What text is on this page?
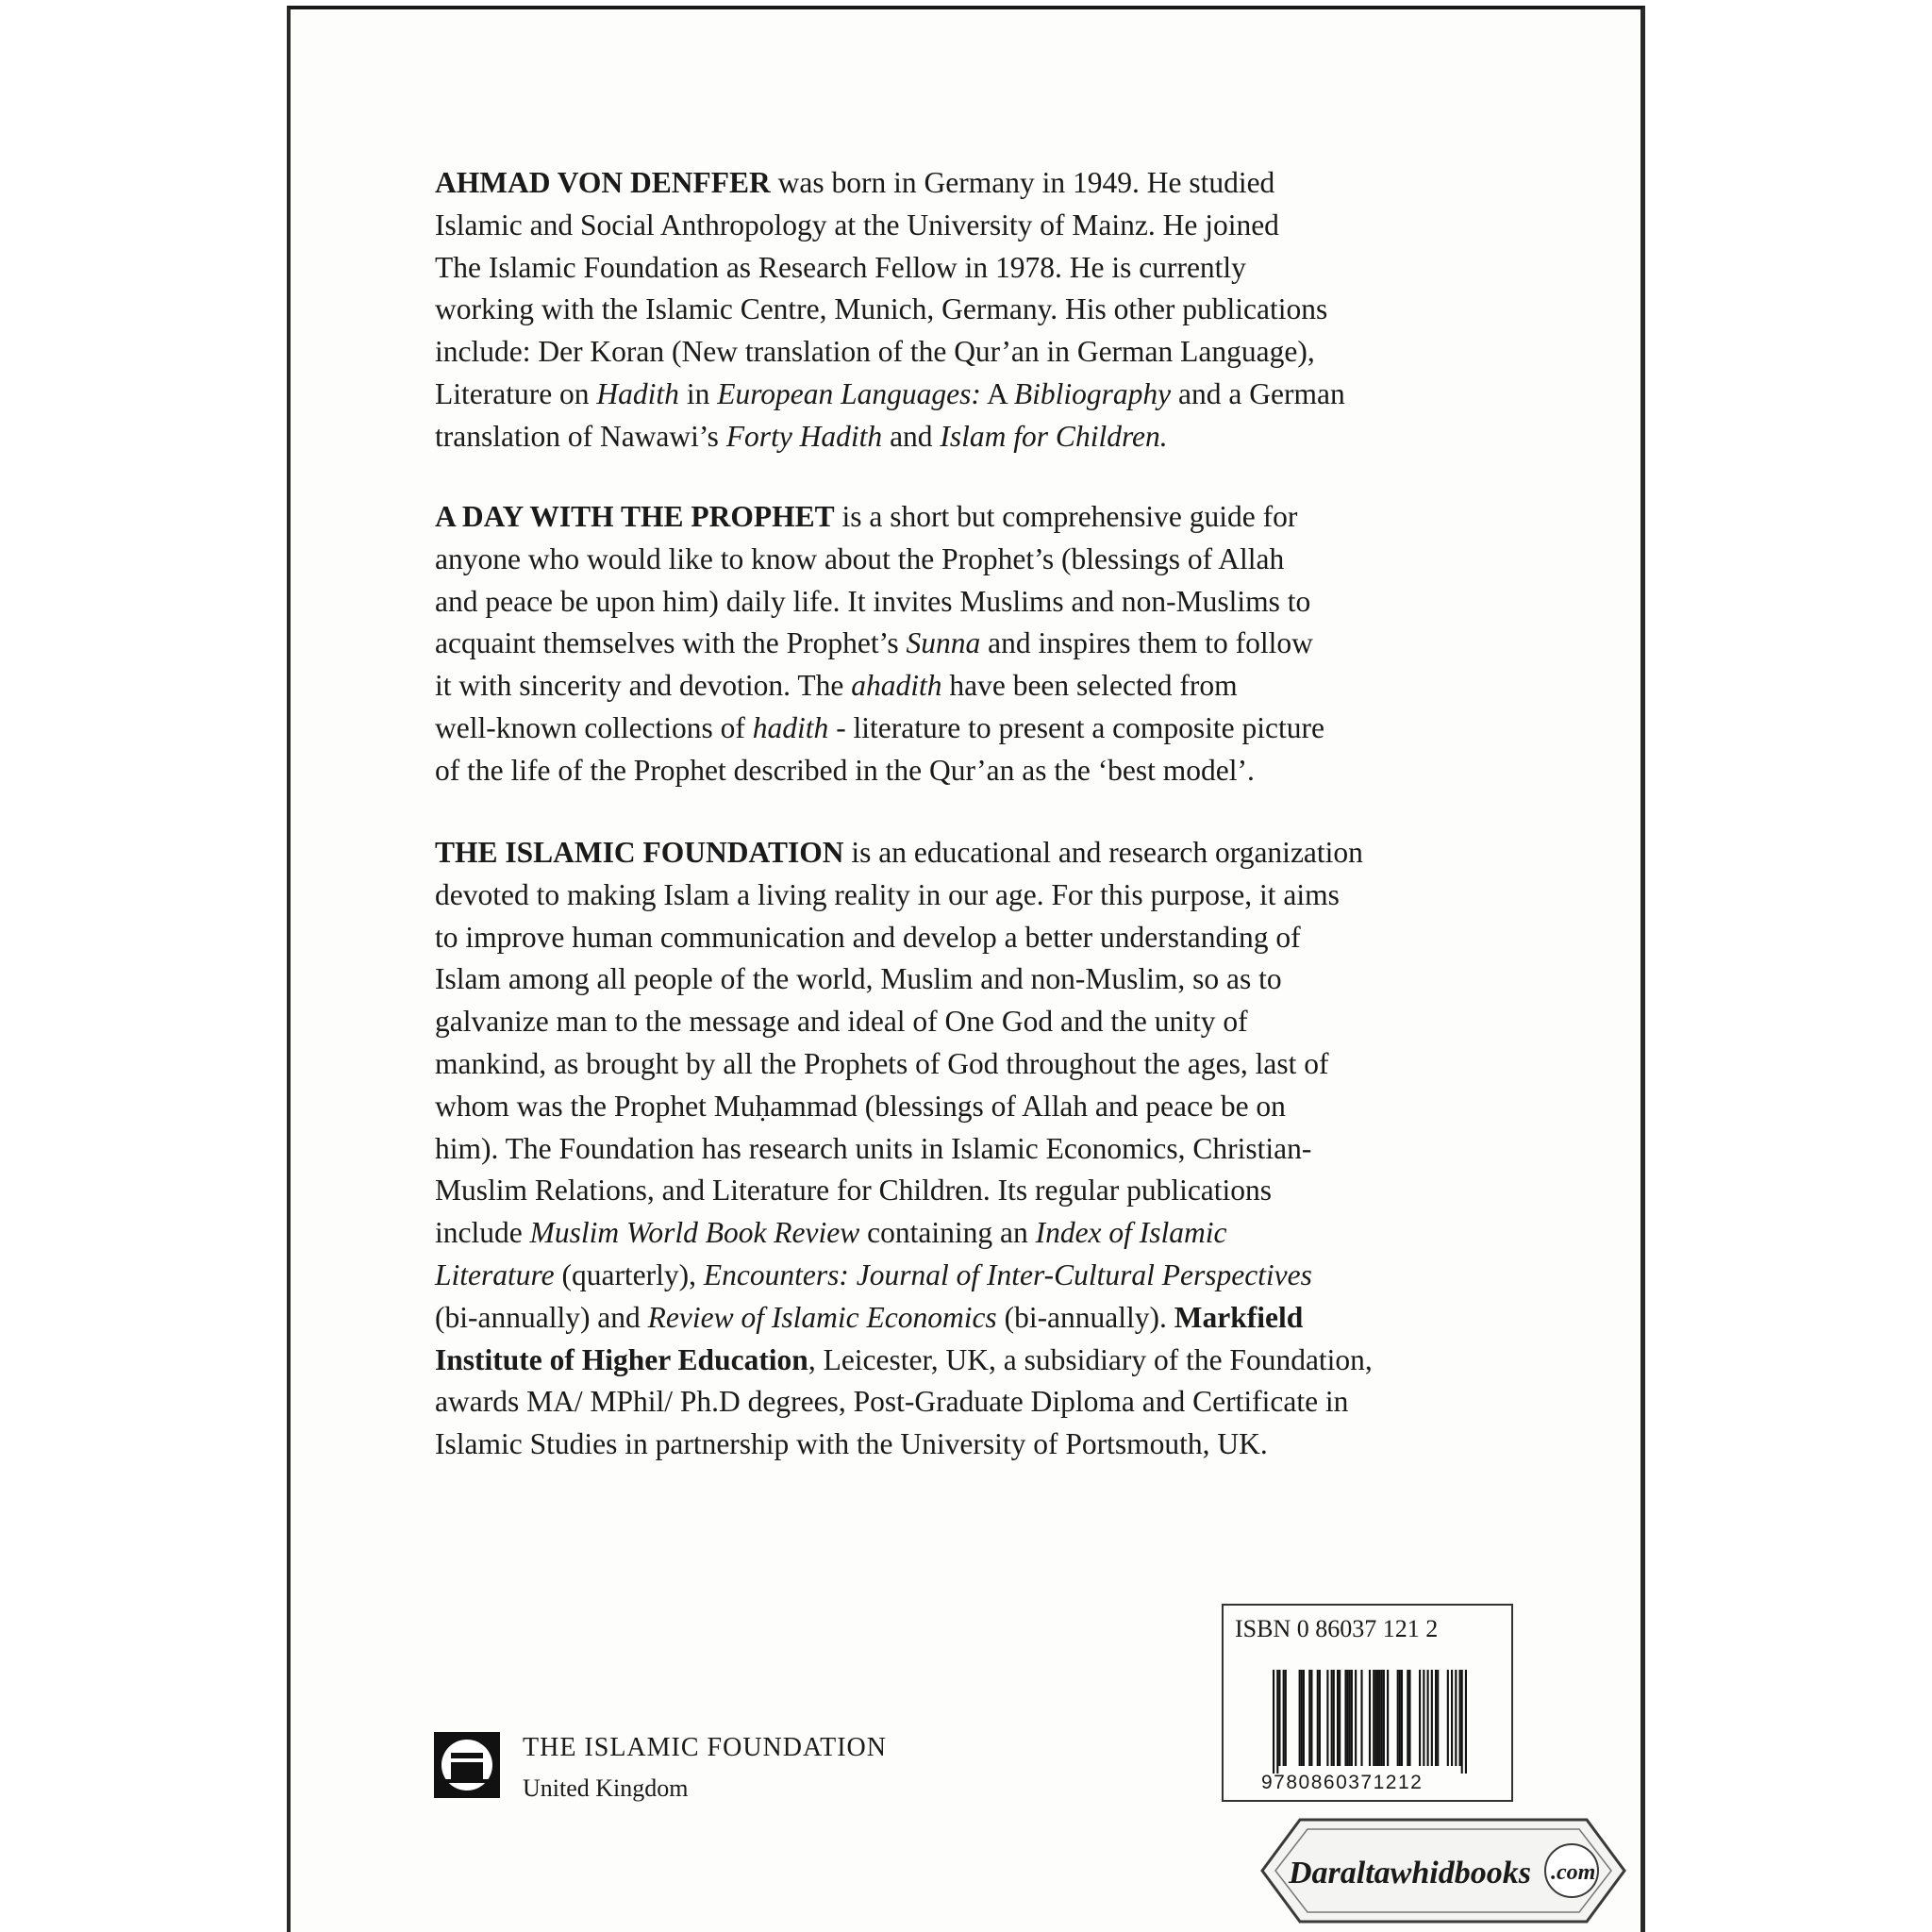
AHMAD VON DENFFER was born in Germany in 1949. He studied
Islamic and Social Anthropology at the University of Mainz. He joined
The Islamic Foundation as Research Fellow in 1978. He is currently
working with the Islamic Centre, Munich, Germany. His other publications
include: Der Koran (New translation of the Qur’an in German Language),
Literature on Hadith in European Languages: A Bibliography and a German
translation of Nawawi’s Forty Hadith and Islam for Children.

A DAY WITH THE PROPHET is a short but comprehensive guide for
anyone who would like to know about the Prophet’s (blessings of Allah
and peace be upon him) daily life. It invites Muslims and non-Muslims to
acquaint themselves with the Prophet’s Sunna and inspires them to follow
it with sincerity and devotion. The ahadith have been selected from
well-known collections of hadith - literature to present a composite picture
of the life of the Prophet described in the Qur’an as the ‘best model’.

THE ISLAMIC FOUNDATION is an educational and research organization
devoted to making Islam a living reality in our age. For this purpose, it aims
to improve human communication and develop a better understanding of
Islam among all people of the world, Muslim and non-Muslim, so as to
galvanize man to the message and ideal of One God and the unity of
mankind, as brought by all the Prophets of God throughout the ages, last of
whom was the Prophet Muḥammad (blessings of Allah and peace be on
him). The Foundation has research units in Islamic Economics, Christian-
Muslim Relations, and Literature for Children. Its regular publications
include Muslim World Book Review containing an Index of Islamic
Literature (quarterly), Encounters: Journal of Inter-Cultural Perspectives
(bi-annually) and Review of Islamic Economics (bi-annually). Markfield
Institute of Higher Education, Leicester, UK, a subsidiary of the Foundation,
awards MA/ MPhil/ Ph.D degrees, Post-Graduate Diploma and Certificate in
Islamic Studies in partnership with the University of Portsmouth, UK.

ISBN 0 86037 121 2
9780860371212
THE ISLAMIC FOUNDATION
United Kingdom
Daraltawhidbooks .com
